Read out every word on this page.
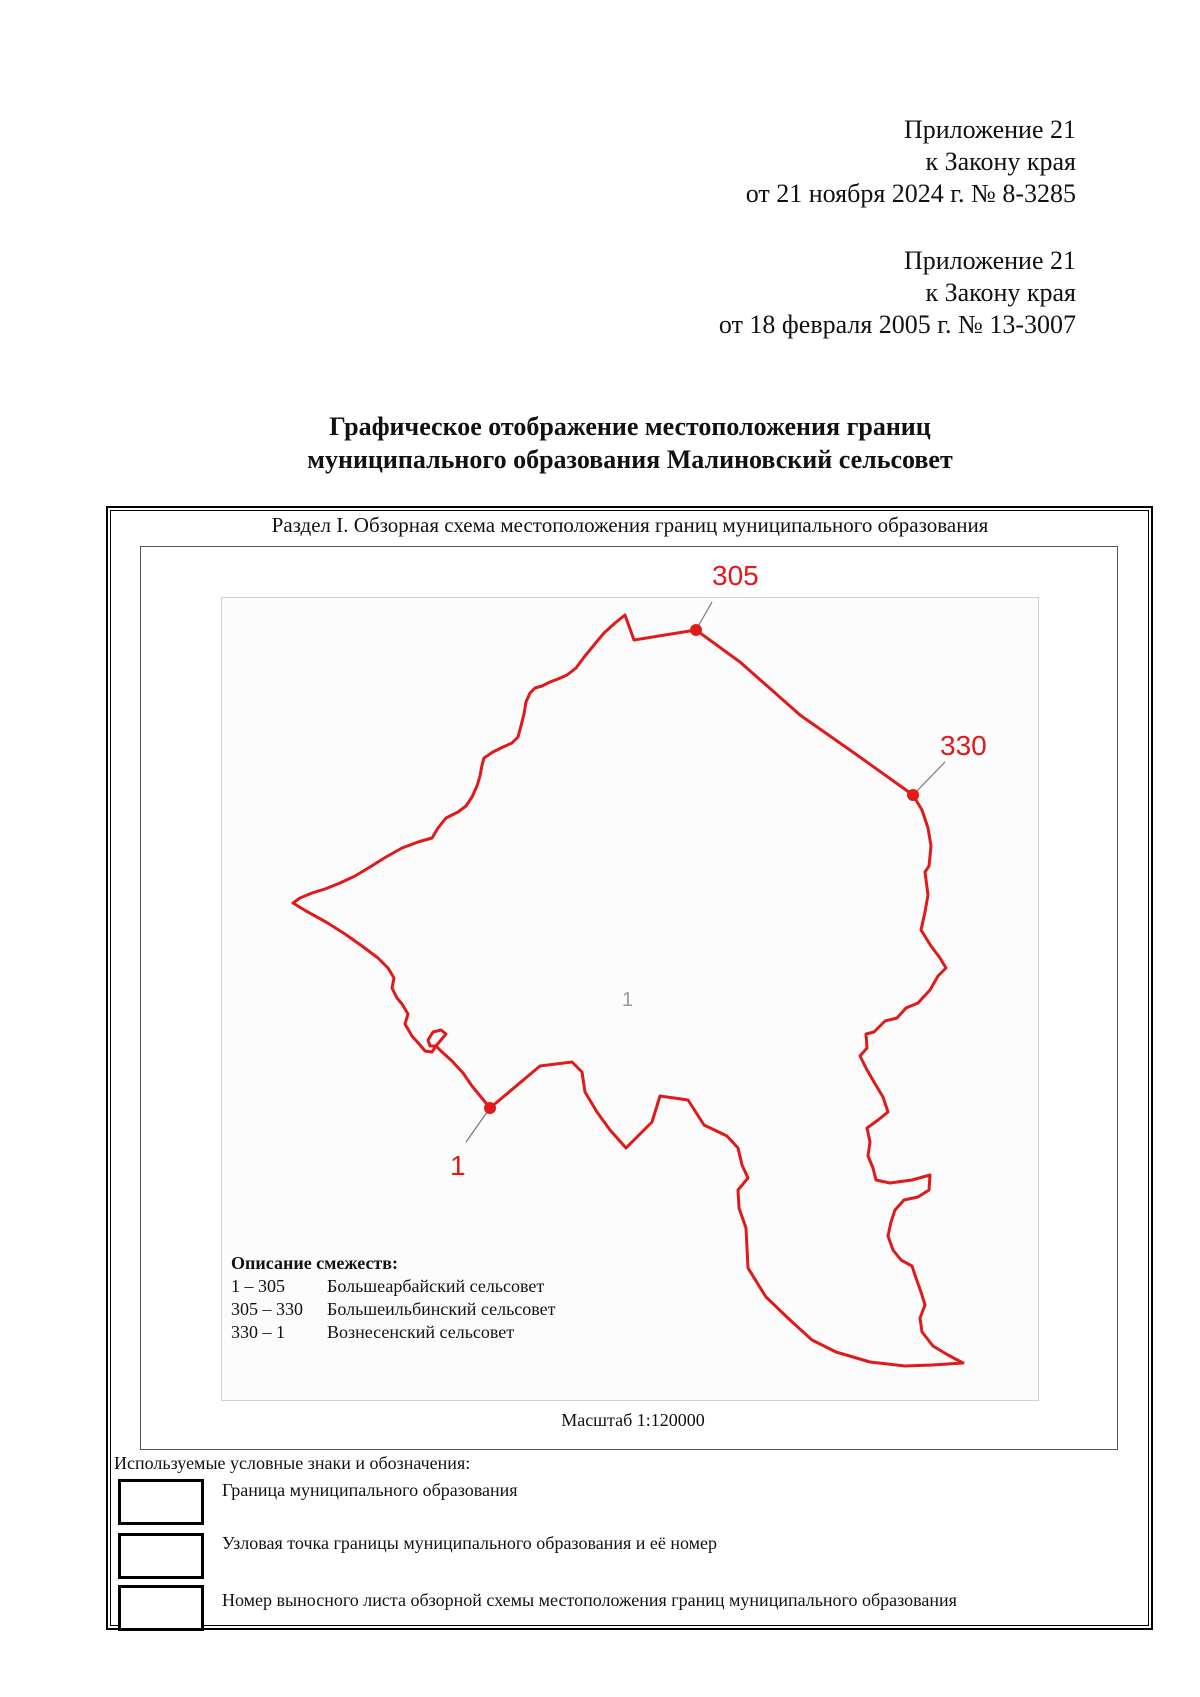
Приложение 21
к Закону края
от 21 ноября 2024 г. № 8-3285
Приложение 21
к Закону края
от 18 февраля 2005 г. № 13-3007
Графическое отображение местоположения границ
муниципального образования Малиновский сельсовет
Раздел I. Обзорная схема местоположения границ муниципального образования
305
330
1
1
Описание смежеств:
1 – 305	Большеарбайский сельсовет
305 – 330	Большеильбинский сельсовет
330 – 1	Вознесенский сельсовет
Масштаб 1:120000
Используемые условные знаки и обозначения:
Граница муниципального образования
Узловая точка границы муниципального образования и её номер
Номер выносного листа обзорной схемы местоположения границ муниципального образования
